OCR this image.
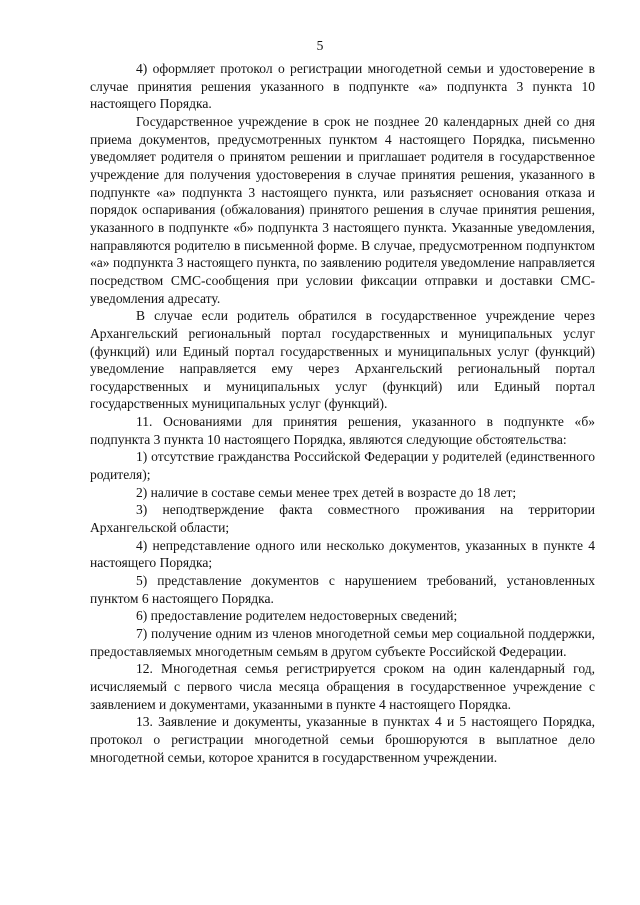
5

4) оформляет протокол о регистрации многодетной семьи и удостоверение в случае принятия решения указанного в подпункте «а» подпункта 3 пункта 10 настоящего Порядка.

Государственное учреждение в срок не позднее 20 календарных дней со дня приема документов, предусмотренных пунктом 4 настоящего Порядка, письменно уведомляет родителя о принятом решении и приглашает родителя в государственное учреждение для получения удостоверения в случае принятия решения, указанного в подпункте «а» подпункта 3 настоящего пункта, или разъясняет основания отказа и порядок оспаривания (обжалования) принятого решения в случае принятия решения, указанного в подпункте «б» подпункта 3 настоящего пункта. Указанные уведомления, направляются родителю в письменной форме. В случае, предусмотренном подпунктом «а» подпункта 3 настоящего пункта, по заявлению родителя уведомление направляется посредством СМС-сообщения при условии фиксации отправки и доставки СМС-уведомления адресату.

В случае если родитель обратился в государственное учреждение через Архангельский региональный портал государственных и муниципальных услуг (функций) или Единый портал государственных и муниципальных услуг (функций) уведомление направляется ему через Архангельский региональный портал государственных и муниципальных услуг (функций) или Единый портал государственных муниципальных услуг (функций).

11. Основаниями для принятия решения, указанного в подпункте «б» подпункта 3 пункта 10 настоящего Порядка, являются следующие обстоятельства:

1) отсутствие гражданства Российской Федерации у родителей (единственного родителя);

2) наличие в составе семьи менее трех детей в возрасте до 18 лет;

3) неподтверждение факта совместного проживания на территории Архангельской области;

4) непредставление одного или несколько документов, указанных в пункте 4 настоящего Порядка;

5) представление документов с нарушением требований, установленных пунктом 6 настоящего Порядка.

6) предоставление родителем недостоверных сведений;

7) получение одним из членов многодетной семьи мер социальной поддержки, предоставляемых многодетным семьям в другом субъекте Российской Федерации.

12. Многодетная семья регистрируется сроком на один календарный год, исчисляемый с первого числа месяца обращения в государственное учреждение с заявлением и документами, указанными в пункте 4 настоящего Порядка.

13. Заявление и документы, указанные в пунктах 4 и 5 настоящего Порядка, протокол о регистрации многодетной семьи брошюруются в выплатное дело многодетной семьи, которое хранится в государственном учреждении.
